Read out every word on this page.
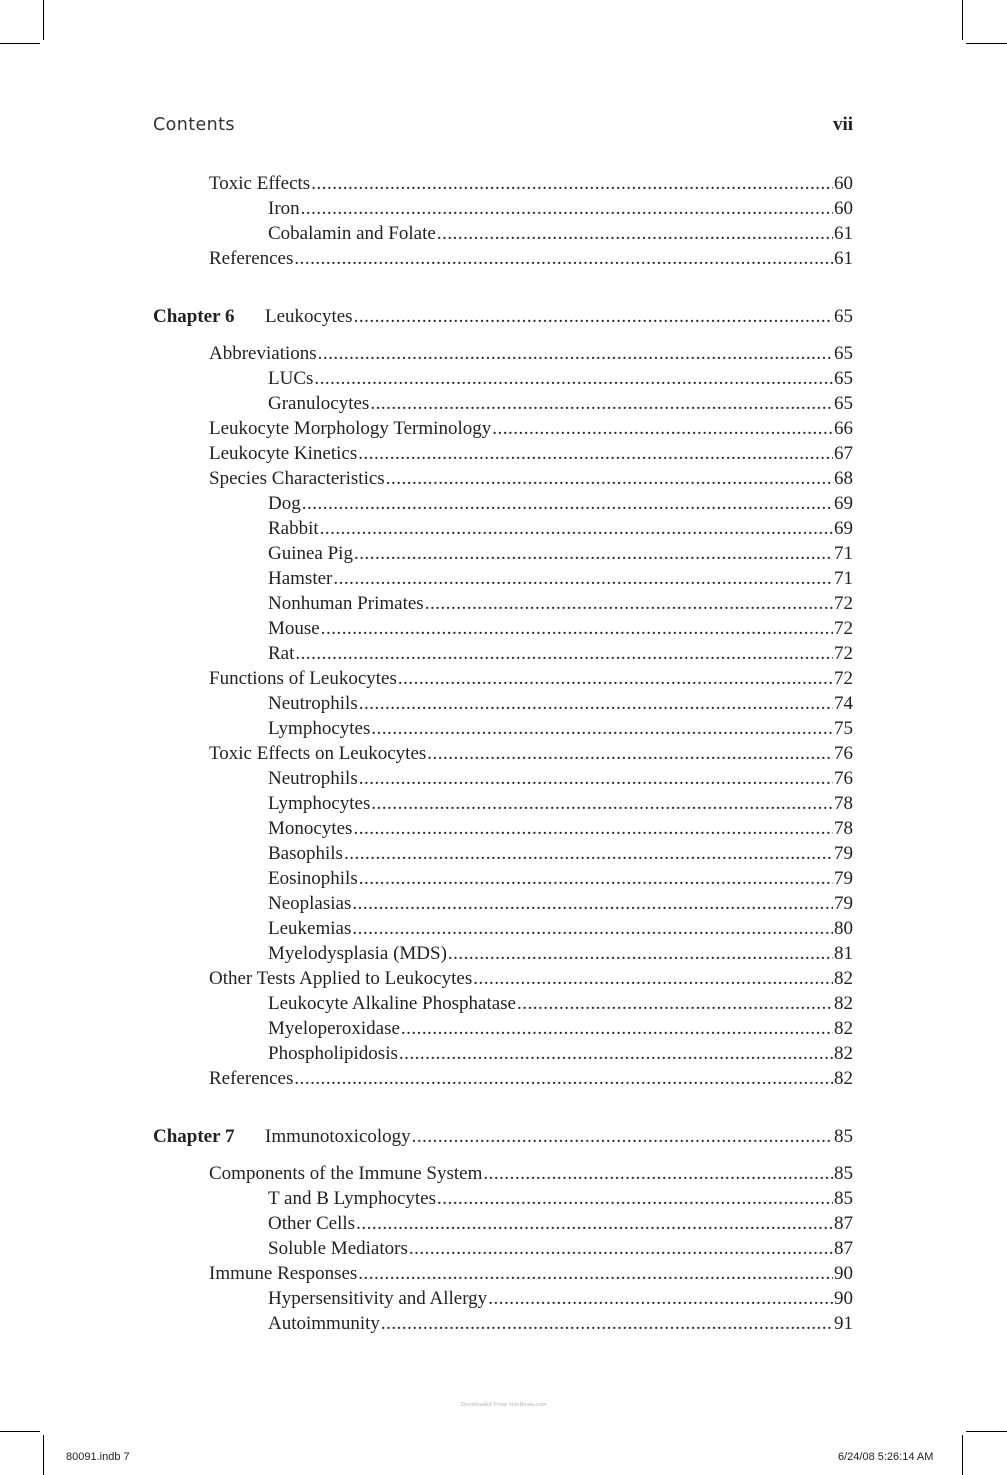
Contents	vii
Toxic Effects .....	60
Iron .....	60
Cobalamin and Folate .....	61
References .....	61
Chapter 6	Leukocytes .....	65
Abbreviations .....	65
LUCs .....	65
Granulocytes .....	65
Leukocyte Morphology Terminology .....	66
Leukocyte Kinetics .....	67
Species Characteristics .....	68
Dog .....	69
Rabbit .....	69
Guinea Pig .....	71
Hamster .....	71
Nonhuman Primates .....	72
Mouse .....	72
Rat .....	72
Functions of Leukocytes .....	72
Neutrophils .....	74
Lymphocytes .....	75
Toxic Effects on Leukocytes .....	76
Neutrophils .....	76
Lymphocytes .....	78
Monocytes .....	78
Basophils .....	79
Eosinophils .....	79
Neoplasias .....	79
Leukemias .....	80
Myelodysplasia (MDS) .....	81
Other Tests Applied to Leukocytes .....	82
Leukocyte Alkaline Phosphatase .....	82
Myeloperoxidase .....	82
Phospholipidosis .....	82
References .....	82
Chapter 7	Immunotoxicology .....	85
Components of the Immune System .....	85
T and B Lymphocytes .....	85
Other Cells .....	87
Soluble Mediators .....	87
Immune Responses .....	90
Hypersensitivity and Allergy .....	90
Autoimmunity .....	91
Downloaded From VetoBooks.com
80091.indb 7	6/24/08 5:26:14 AM
